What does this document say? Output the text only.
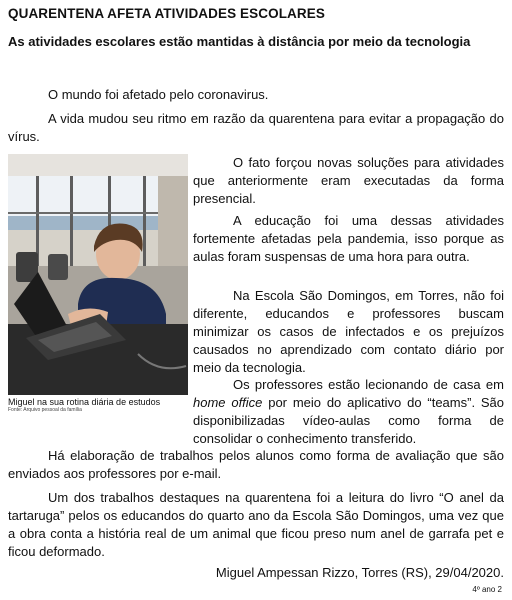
QUARENTENA AFETA ATIVIDADES ESCOLARES
As atividades escolares estão mantidas à distância por meio da tecnologia

O mundo foi afetado pelo coronavirus.

A vida mudou seu ritmo em razão da quarentena para evitar a propagação do vírus.

Miguel na sua rotina diária de estudos
Fonte: Arquivo pessoal da família

O fato forçou novas soluções para atividades que anteriormente eram executadas da forma presencial.

A educação foi uma dessas atividades fortemente afetadas pela pandemia, isso porque as aulas foram suspensas de uma hora para outra.

Na Escola São Domingos, em Torres, não foi diferente, educandos e professores buscam minimizar os casos de infectados e os prejuízos causados no aprendizado com contato diário por meio da tecnologia.

Os professores estão lecionando de casa em home office por meio do aplicativo do “teams”. São disponibilizadas vídeo-aulas como forma de consolidar o conhecimento transferido.

Há elaboração de trabalhos pelos alunos como forma de avaliação que são enviados aos professores por e-mail.

Um dos trabalhos destaques na quarentena foi a leitura do livro “O anel da tartaruga” pelos os educandos do quarto ano da Escola São Domingos, uma vez que a obra conta a história real de um animal que ficou preso num anel de garrafa pet e ficou deformado.

Miguel Ampessan Rizzo, Torres (RS), 29/04/2020.
4º ano 2
